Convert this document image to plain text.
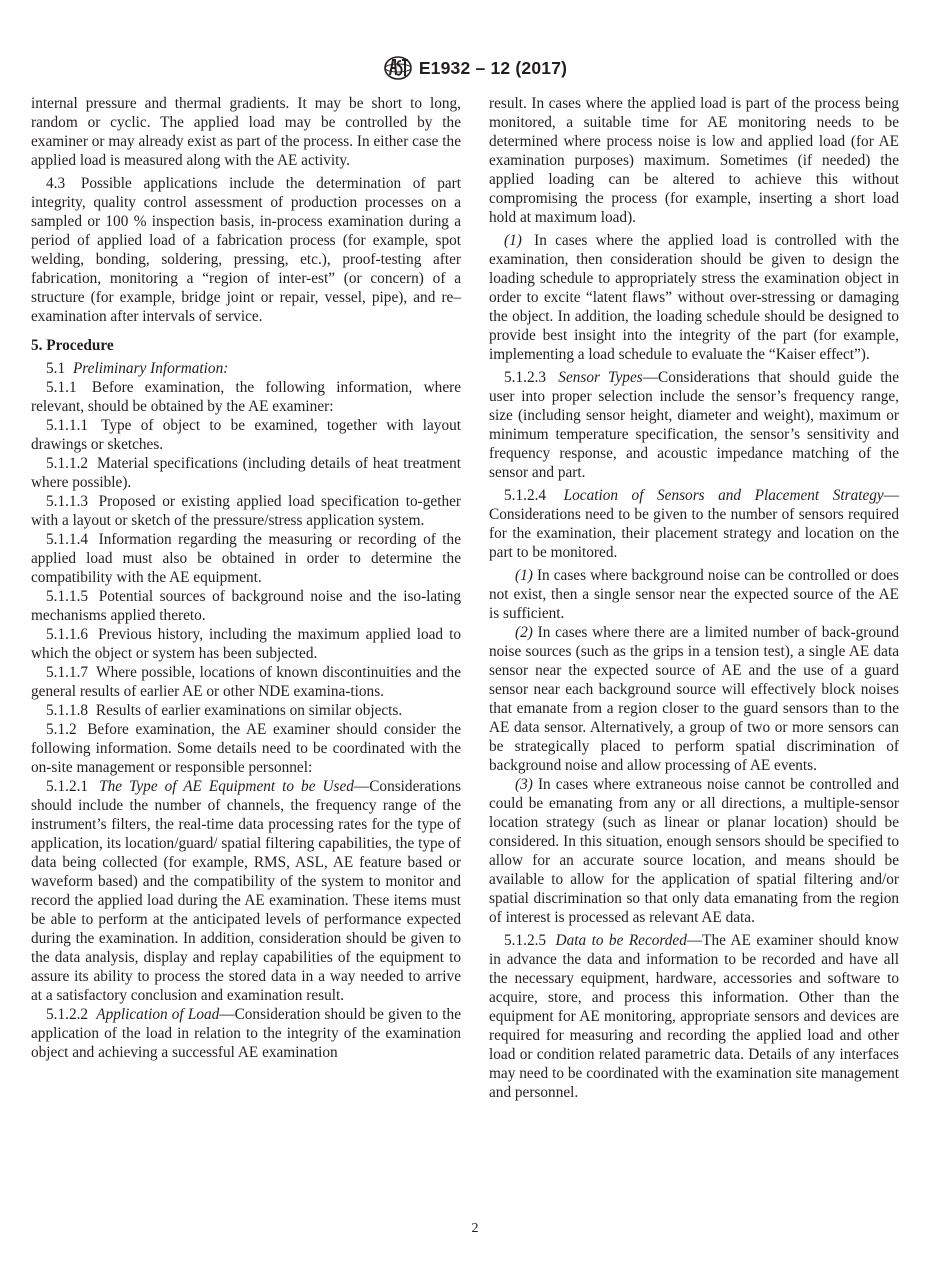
E1932 – 12 (2017)

internal pressure and thermal gradients. It may be short to long, random or cyclic. The applied load may be controlled by the examiner or may already exist as part of the process. In either case the applied load is measured along with the AE activity.

4.3 Possible applications include the determination of part integrity, quality control assessment of production processes on a sampled or 100 % inspection basis, in-process examination during a period of applied load of a fabrication process (for example, spot welding, bonding, soldering, pressing, etc.), proof-testing after fabrication, monitoring a “region of inter-est” (or concern) of a structure (for example, bridge joint or repair, vessel, pipe), and re–examination after intervals of service.

5. Procedure

5.1 Preliminary Information:

5.1.1 Before examination, the following information, where relevant, should be obtained by the AE examiner:

5.1.1.1 Type of object to be examined, together with layout drawings or sketches.

5.1.1.2 Material specifications (including details of heat treatment where possible).

5.1.1.3 Proposed or existing applied load specification to-gether with a layout or sketch of the pressure/stress application system.

5.1.1.4 Information regarding the measuring or recording of the applied load must also be obtained in order to determine the compatibility with the AE equipment.

5.1.1.5 Potential sources of background noise and the iso-lating mechanisms applied thereto.

5.1.1.6 Previous history, including the maximum applied load to which the object or system has been subjected.

5.1.1.7 Where possible, locations of known discontinuities and the general results of earlier AE or other NDE examina-tions.

5.1.1.8 Results of earlier examinations on similar objects.

5.1.2 Before examination, the AE examiner should consider the following information. Some details need to be coordinated with the on-site management or responsible personnel:

5.1.2.1 The Type of AE Equipment to be Used—Considerations should include the number of channels, the frequency range of the instrument’s filters, the real-time data processing rates for the type of application, its location/guard/ spatial filtering capabilities, the type of data being collected (for example, RMS, ASL, AE feature based or waveform based) and the compatibility of the system to monitor and record the applied load during the AE examination. These items must be able to perform at the anticipated levels of performance expected during the examination. In addition, consideration should be given to the data analysis, display and replay capabilities of the equipment to assure its ability to process the stored data in a way needed to arrive at a satisfactory conclusion and examination result.

5.1.2.2 Application of Load—Consideration should be given to the application of the load in relation to the integrity of the examination object and achieving a successful AE examination

result. In cases where the applied load is part of the process being monitored, a suitable time for AE monitoring needs to be determined where process noise is low and applied load (for AE examination purposes) maximum. Sometimes (if needed) the applied loading can be altered to achieve this without compromising the process (for example, inserting a short load hold at maximum load).

(1) In cases where the applied load is controlled with the examination, then consideration should be given to design the loading schedule to appropriately stress the examination object in order to excite “latent flaws” without over-stressing or damaging the object. In addition, the loading schedule should be designed to provide best insight into the integrity of the part (for example, implementing a load schedule to evaluate the “Kaiser effect”).

5.1.2.3 Sensor Types—Considerations that should guide the user into proper selection include the sensor’s frequency range, size (including sensor height, diameter and weight), maximum or minimum temperature specification, the sensor’s sensitivity and frequency response, and acoustic impedance matching of the sensor and part.

5.1.2.4 Location of Sensors and Placement Strategy—Considerations need to be given to the number of sensors required for the examination, their placement strategy and location on the part to be monitored.

(1) In cases where background noise can be controlled or does not exist, then a single sensor near the expected source of the AE is sufficient.

(2) In cases where there are a limited number of back-ground noise sources (such as the grips in a tension test), a single AE data sensor near the expected source of AE and the use of a guard sensor near each background source will effectively block noises that emanate from a region closer to the guard sensors than to the AE data sensor. Alternatively, a group of two or more sensors can be strategically placed to perform spatial discrimination of background noise and allow processing of AE events.

(3) In cases where extraneous noise cannot be controlled and could be emanating from any or all directions, a multiple-sensor location strategy (such as linear or planar location) should be considered. In this situation, enough sensors should be specified to allow for an accurate source location, and means should be available to allow for the application of spatial filtering and/or spatial discrimination so that only data emanating from the region of interest is processed as relevant AE data.

5.1.2.5 Data to be Recorded—The AE examiner should know in advance the data and information to be recorded and have all the necessary equipment, hardware, accessories and software to acquire, store, and process this information. Other than the equipment for AE monitoring, appropriate sensors and devices are required for measuring and recording the applied load and other load or condition related parametric data. Details of any interfaces may need to be coordinated with the examination site management and personnel.

2
